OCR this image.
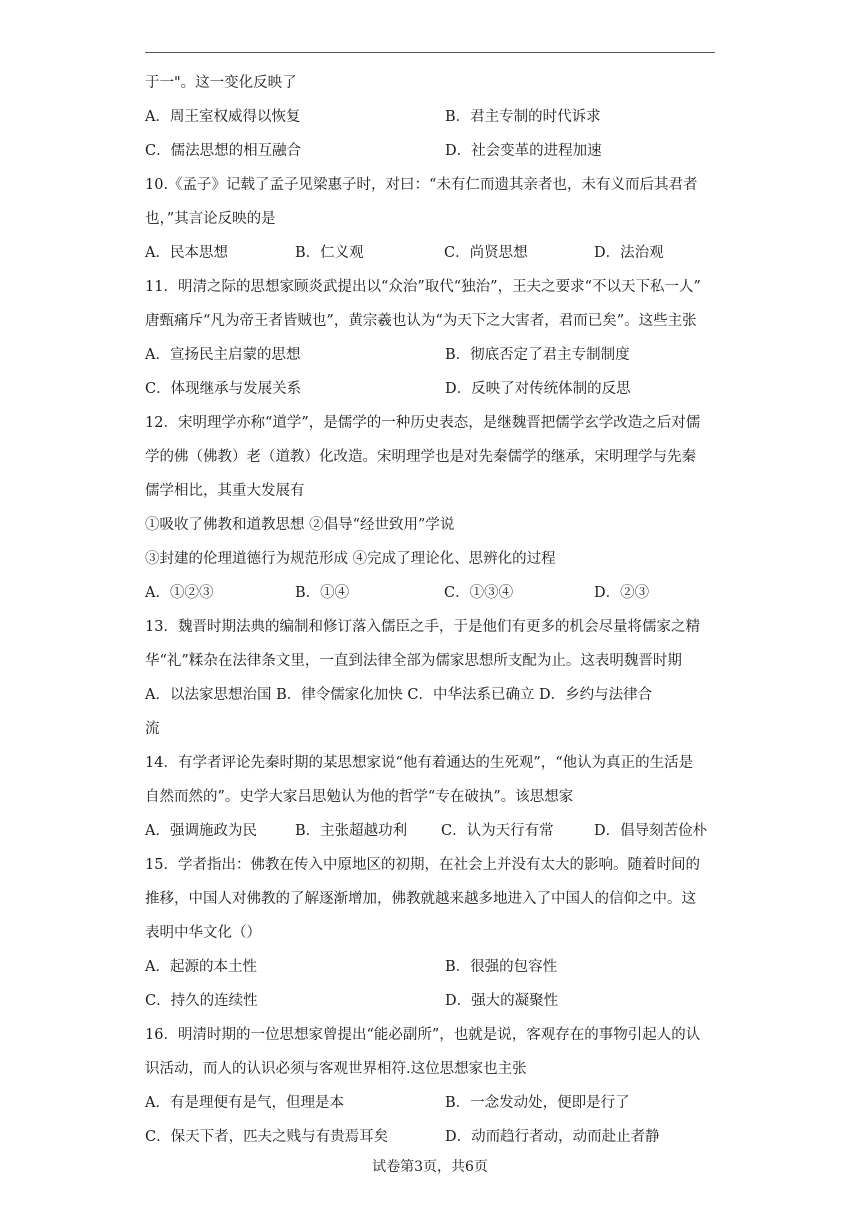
于一"。这一变化反映了
A．周王室权威得以恢复	B．君主专制的时代诉求
C．儒法思想的相互融合	D．社会变革的进程加速
10.《孟子》记载了孟子见梁惠子时，对曰：“未有仁而遗其亲者也，未有义而后其君者
也，”其言论反映的是
A．民本思想	B．仁义观	C．尚贤思想	D．法治观
11．明清之际的思想家顾炎武提出以“众治”取代“独治”，王夫之要求“不以天下私一人”
唐甄痛斥“凡为帝王者皆贼也”，黄宗羲也认为“为天下之大害者，君而已矣”。这些主张
A．宣扬民主启蒙的思想	B．彻底否定了君主专制制度
C．体现继承与发展关系	D．反映了对传统体制的反思
12．宋明理学亦称“道学”，是儒学的一种历史表态，是继魏晋把儒学玄学改造之后对儒
学的佛（佛教）老（道教）化改造。宋明理学也是对先秦儒学的继承，宋明理学与先秦
儒学相比，其重大发展有
①吸收了佛教和道教思想 ②倡导“经世致用”学说
③封建的伦理道德行为规范形成 ④完成了理论化、思辨化的过程
A．①②③	B．①④	C．①③④	D．②③
13．魏晋时期法典的编制和修订落入儒臣之手，于是他们有更多的机会尽量将儒家之精
华“礼”糅杂在法律条文里，一直到法律全部为儒家思想所支配为止。这表明魏晋时期
A．以法家思想治国 B．律令儒家化加快 C．中华法系已确立 D．乡约与法律合
流
14．有学者评论先秦时期的某思想家说“他有着通达的生死观”，“他认为真正的生活是
自然而然的”。史学大家吕思勉认为他的哲学“专在破执”。该思想家
A．强调施政为民	B．主张超越功利	C．认为天行有常	D．倡导刻苦俭朴
15．学者指出：佛教在传入中原地区的初期，在社会上并没有太大的影响。随着时间的
推移，中国人对佛教的了解逐渐增加，佛教就越来越多地进入了中国人的信仰之中。这
表明中华文化（）
A．起源的本土性	B．很强的包容性
C．持久的连续性	D．强大的凝聚性
16．明清时期的一位思想家曾提出“能必副所”，也就是说，客观存在的事物引起人的认
识活动，而人的认识必须与客观世界相符.这位思想家也主张
A．有是理便有是气，但理是本	B．一念发动处，便即是行了
C．保天下者，匹夫之贱与有贵焉耳矣	D．动而趋行者动，动而赴止者静
试卷第3页，共6页
